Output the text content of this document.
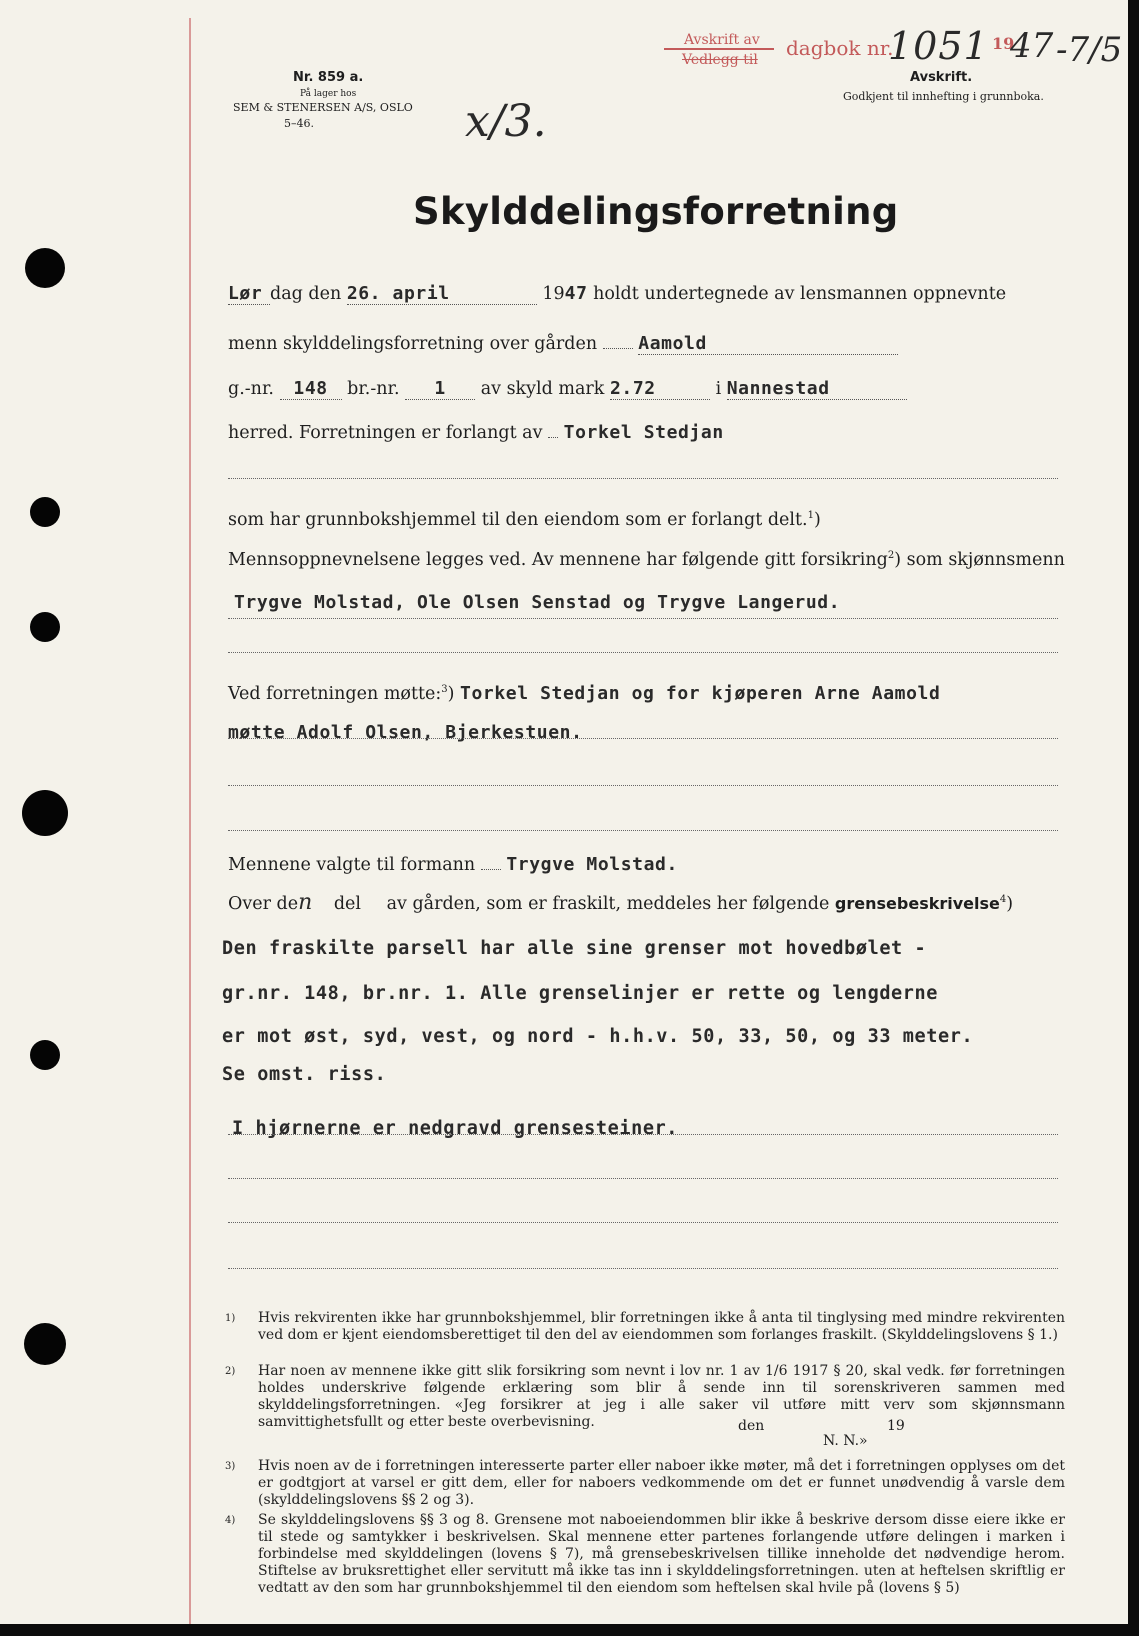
Nr. 859 a.
På lager hos
SEM & STENERSEN A/S, OSLO
5–46.
Avskrift av
Vedlegg til dagbok nr.
1051 19
47 -7/5
Avskrift.
Godkjent til innhefting i grunnboka.
x/3.
Skylddelingsforretning
Lør dag den 26. april	1947 holdt undertegnede av lensmannen oppnevnte
menn skylddelingsforretning over gården Aamold
g.-nr. 148 br.-nr. 1 av skyld mark 2.72	i Nannestad
herred. Forretningen er forlangt av Torkel Stedjan
som har grunnbokshjemmel til den eiendom som er forlangt delt.$^1$)
Mennsoppnevnelsene legges ved. Av mennene har følgende gitt forsikring$^2$) som skjønnsmenn
Trygve Molstad, Ole Olsen Senstad og Trygve Langerud.
Ved forretningen møtte:$^3$) Torkel Stedjan og for kjøperen Arne Aamold
møtte Adolf Olsen, Bjerkestuen.
Mennene valgte til formann Trygve Molstad.
Over den del av gården, som er fraskilt, meddeles her følgende grensebeskrivelse$^4$)
Den fraskilte parsell har alle sine grenser mot hovedbølet -
gr.nr. 148, br.nr. 1. Alle grenselinjer er rette og lengderne
er mot øst, syd, vest, og nord - h.h.v. 50, 33, 50, og 33 meter.
Se omst. riss.
I hjørnerne er nedgravd grensesteiner.
1)	Hvis rekvirenten ikke har grunnbokshjemmel, blir forretningen ikke å anta til tinglysing med mindre rekvirenten ved dom er kjent eiendomsberettiget til den del av eiendommen som forlanges fraskilt. (Skylddelingslovens § 1.)
2)	Har noen av mennene ikke gitt slik forsikring som nevnt i lov nr. 1 av 1/6 1917 § 20, skal vedk. før forretningen holdes underskrive følgende erklæring som blir å sende inn til sorenskriveren sammen med skylddelingsforretningen. «Jeg forsikrer at jeg i alle saker vil utføre mitt verv som skjønnsmann samvittighetsfullt og etter beste overbevisning.	den	19
N. N.»
3)	Hvis noen av de i forretningen interesserte parter eller naboer ikke møter, må det i forretningen opplyses om det er godtgjort at varsel er gitt dem, eller for naboers vedkommende om det er funnet unødvendig å varsle dem (skylddelingslovens §§ 2 og 3).
4)	Se skylddelingslovens §§ 3 og 8. Grensene mot naboeiendommen blir ikke å beskrive dersom disse eiere ikke er til stede og samtykker i beskrivelsen. Skal mennene etter partenes forlangende utføre delingen i marken i forbindelse med skylddelingen (lovens § 7), må grensebeskrivelsen tillike inneholde det nødvendige herom. Stiftelse av bruksrettighet eller servitutt må ikke tas inn i skylddelingsforretningen. uten at heftelsen skriftlig er vedtatt av den som har grunnbokshjemmel til den eiendom som heftelsen skal hvile på (lovens § 5)
